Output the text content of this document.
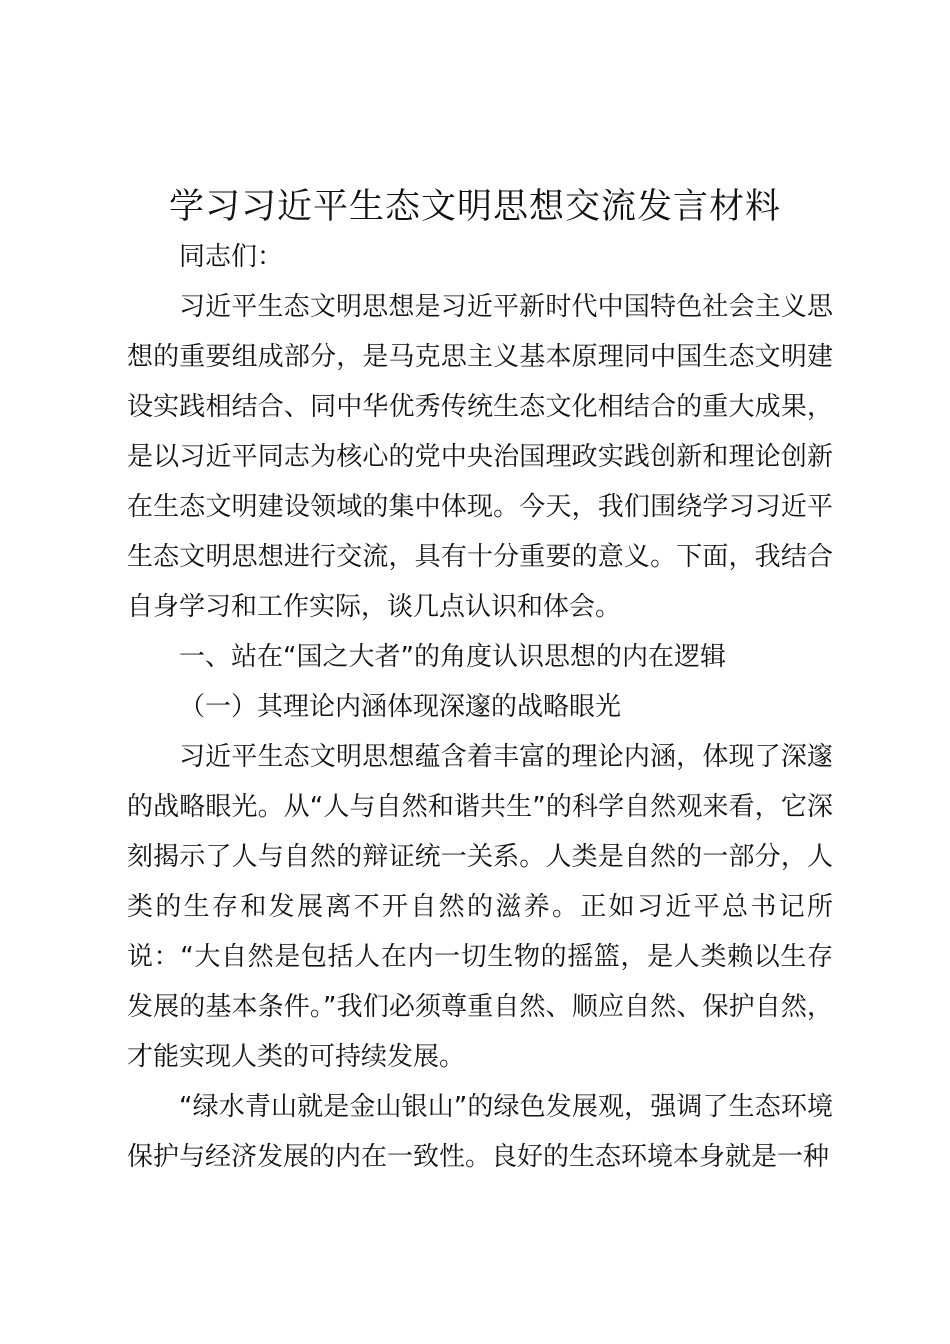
学习习近平生态文明思想交流发言材料

同志们：

习近平生态文明思想是习近平新时代中国特色社会主义思想的重要组成部分，是马克思主义基本原理同中国生态文明建设实践相结合、同中华优秀传统生态文化相结合的重大成果，是以习近平同志为核心的党中央治国理政实践创新和理论创新在生态文明建设领域的集中体现。今天，我们围绕学习习近平生态文明思想进行交流，具有十分重要的意义。下面，我结合自身学习和工作实际，谈几点认识和体会。

一、站在“国之大者”的角度认识思想的内在逻辑

（一）其理论内涵体现深邃的战略眼光

习近平生态文明思想蕴含着丰富的理论内涵，体现了深邃的战略眼光。从“人与自然和谐共生”的科学自然观来看，它深刻揭示了人与自然的辩证统一关系。人类是自然的一部分，人类的生存和发展离不开自然的滋养。正如习近平总书记所说：“大自然是包括人在内一切生物的摇篮，是人类赖以生存发展的基本条件。”我们必须尊重自然、顺应自然、保护自然，才能实现人类的可持续发展。

“绿水青山就是金山银山”的绿色发展观，强调了生态环境保护与经济发展的内在一致性。良好的生态环境本身就是一种
